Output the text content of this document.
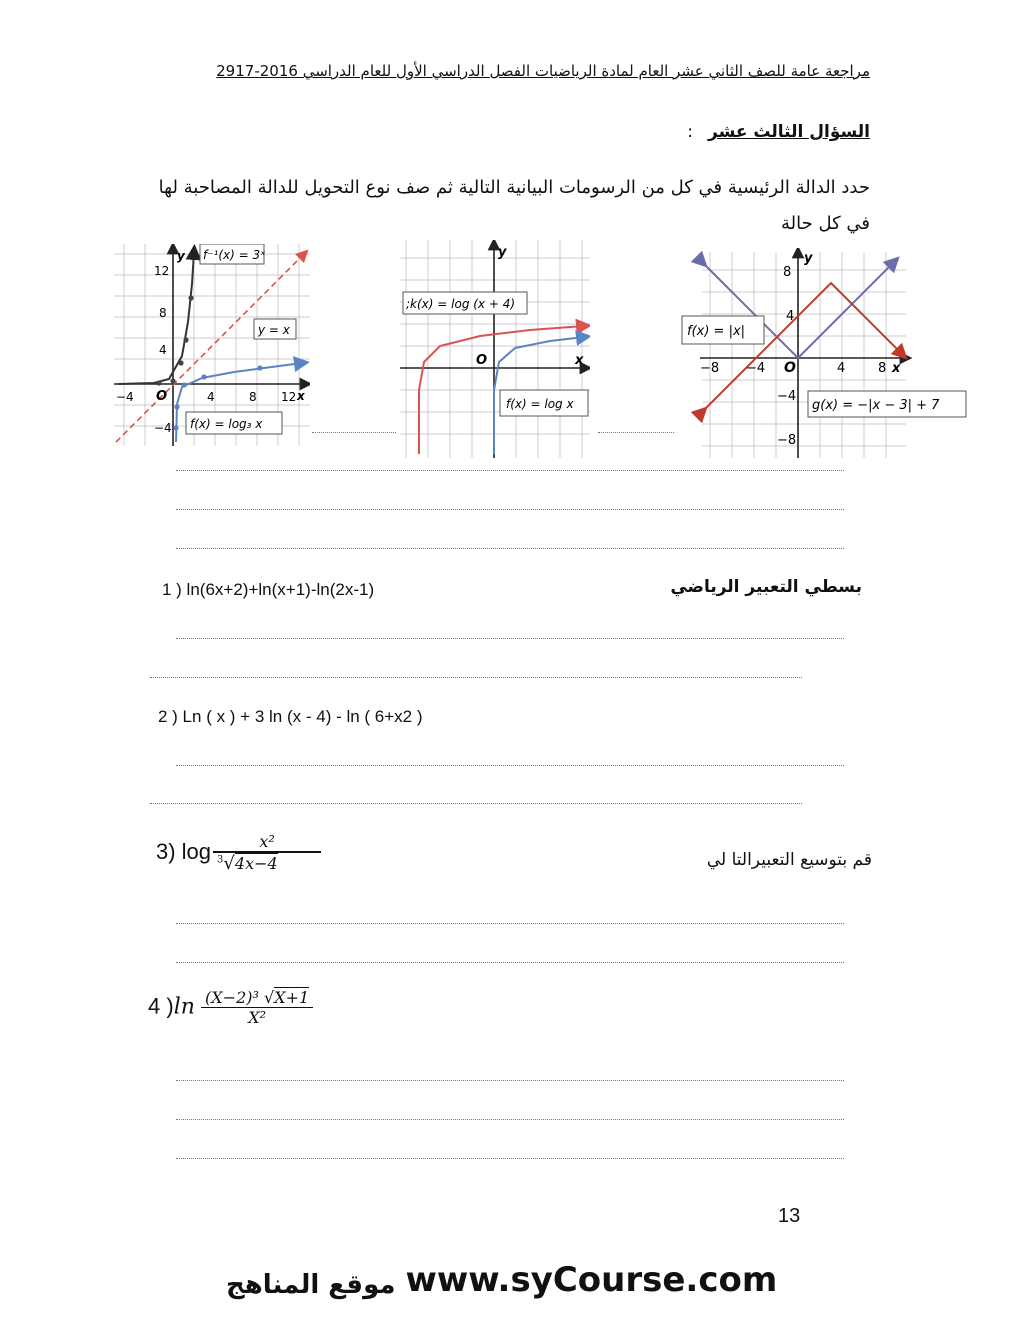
مراجعة عامة للصف الثاني عشر العام لمادة الرياضيات الفصل الدراسي الأول للعام الدراسي 2016-2917
السؤال الثالث عشر
:
حدد الدالة الرئيسية في كل من الرسومات البيانية التالية ثم صف نوع التحويل للدالة المصاحبة لها في كل حالة
12
8
4
−4	4	8 12
−4
y
x
O
f⁻¹(x) = 3ˣ
y = x
f(x) = log₃ x
y
x
O
;k(x) = log (x + 4)
f(x) = log x
8
4
−8 −4	4	8
−4
−8
y
x
O
f(x) = |x|
g(x) = −|x − 3| + 7
بسطي التعبير الرياضي
1 ) ln(6x+2)+ln(x+1)-ln(2x-1)
2 ) Ln ( x ) + 3 ln (x - 4) - ln ( 6+x2 )
قم بتوسيع التعبيرالتا لي
3) $\log \frac{\text{x²}}{^3√4x-4}$
4 )$\ln \frac{\text{(X−2)³ √X+1}}{\text{X²}}$
13
www.syCourse.com
موقع المناهج
